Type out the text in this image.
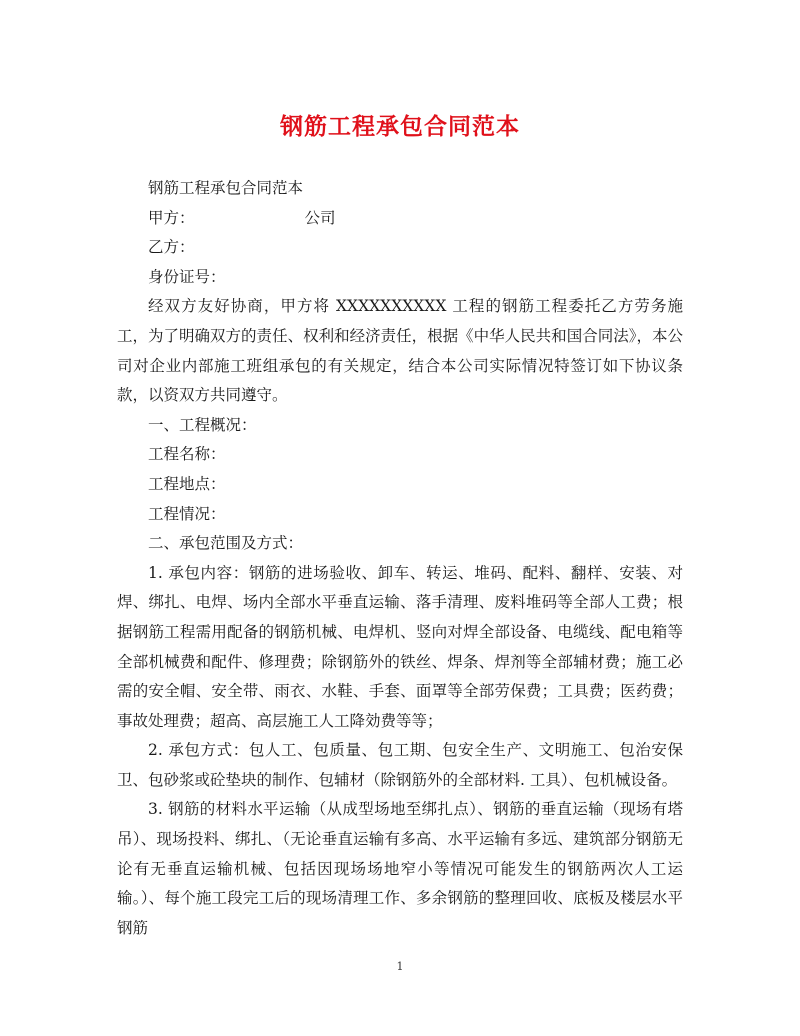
钢筋工程承包合同范本

钢筋工程承包合同范本

甲方：	公司

乙方：

身份证号：

经双方友好协商，甲方将 XXXXXXXXXX 工程的钢筋工程委托乙方劳务施工，为了明确双方的责任、权利和经济责任，根据《中华人民共和国合同法》，本公司对企业内部施工班组承包的有关规定，结合本公司实际情况特签订如下协议条款，以资双方共同遵守。

一、工程概况：

工程名称：

工程地点：

工程情况：

二、承包范围及方式：

1. 承包内容：钢筋的进场验收、卸车、转运、堆码、配料、翻样、安装、对焊、绑扎、电焊、场内全部水平垂直运输、落手清理、废料堆码等全部人工费；根据钢筋工程需用配备的钢筋机械、电焊机、竖向对焊全部设备、电缆线、配电箱等全部机械费和配件、修理费；除钢筋外的铁丝、焊条、焊剂等全部辅材费；施工必需的安全帽、安全带、雨衣、水鞋、手套、面罩等全部劳保费；工具费；医药费；事故处理费；超高、高层施工人工降効费等等；

2. 承包方式：包人工、包质量、包工期、包安全生产、文明施工、包治安保卫、包砂浆或砼垫块的制作、包辅材（除钢筋外的全部材料. 工具）、包机械设备。

3. 钢筋的材料水平运输（从成型场地至绑扎点）、钢筋的垂直运输（现场有塔吊）、现场投料、绑扎、（无论垂直运输有多高、水平运输有多远、建筑部分钢筋无论有无垂直运输机械、包括因现场场地窄小等情况可能发生的钢筋两次人工运输。）、每个施工段完工后的现场清理工作、多余钢筋的整理回收、底板及楼层水平钢筋

1
